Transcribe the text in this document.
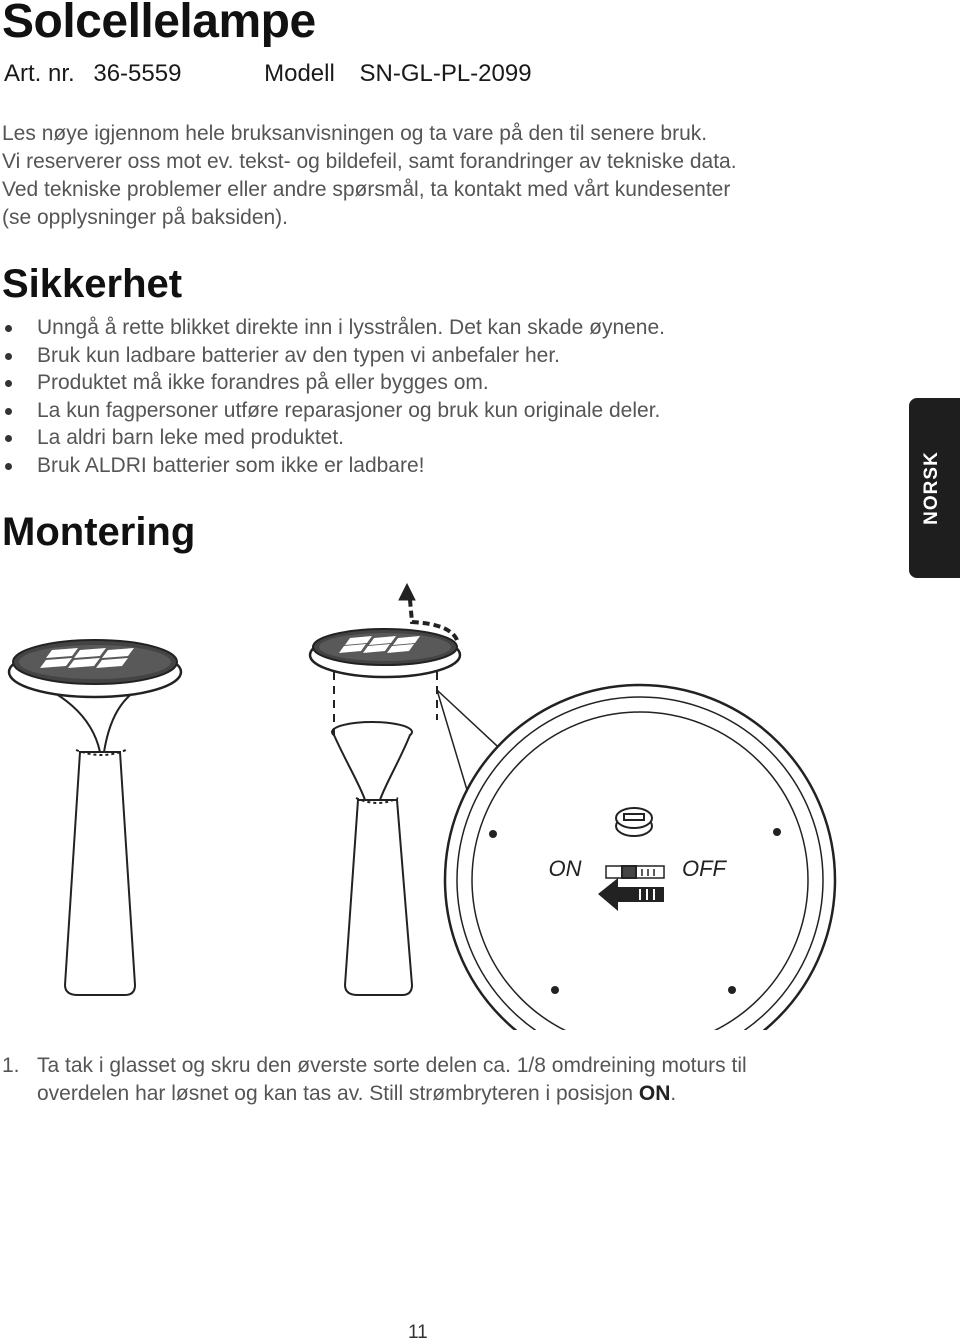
Solcellelampe
Art. nr. 36-5559	Modell SN-GL-PL-2099

Les nøye igjennom hele bruksanvisningen og ta vare på den til senere bruk.

Vi reserverer oss mot ev. tekst- og bildefeil, samt forandringer av tekniske data.

Ved tekniske problemer eller andre spørsmål, ta kontakt med vårt kundesenter

(se opplysninger på baksiden).

Sikkerhet
Unngå å rette blikket direkte inn i lysstrålen. Det kan skade øynene.
Bruk kun ladbare batterier av den typen vi anbefaler her.
Produktet må ikke forandres på eller bygges om.
La kun fagpersoner utføre reparasjoner og bruk kun originale deler.
La aldri barn leke med produktet.
Bruk ALDRI batterier som ikke er ladbare!
Montering
NORSK
ON	OFF
1. Ta tak i glasset og skru den øverste sorte delen ca. 1/8 omdreining moturs til
overdelen har løsnet og kan tas av. Still strømbryteren i posisjon ON.
11
